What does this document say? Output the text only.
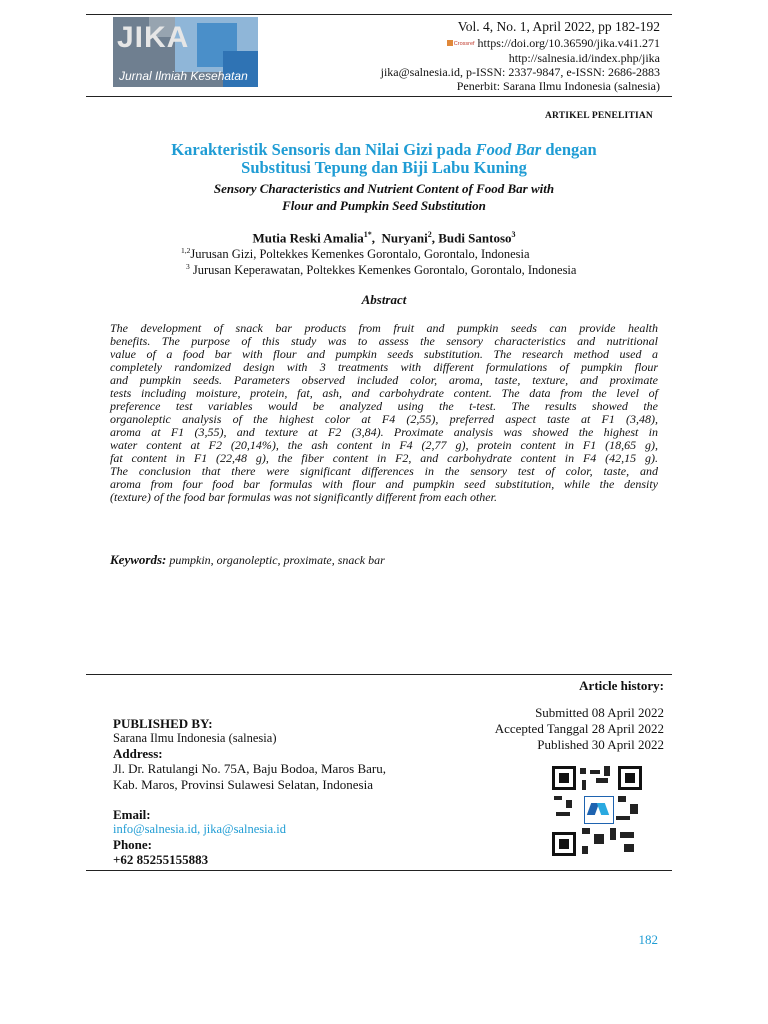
JIKA
Jurnal Ilmiah Kesehatan
Vol. 4, No. 1, April 2022, pp 182-192
Crossref https://doi.org/10.36590/jika.v4i1.271
http://salnesia.id/index.php/jika
jika@salnesia.id, p-ISSN: 2337-9847, e-ISSN: 2686-2883
Penerbit: Sarana Ilmu Indonesia (salnesia)
ARTIKEL PENELITIAN
Karakteristik Sensoris dan Nilai Gizi pada Food Bar dengan
Substitusi Tepung dan Biji Labu Kuning
Sensory Characteristics and Nutrient Content of Food Bar with
Flour and Pumpkin Seed Substitution
Mutia Reski Amalia$^{1*}$,  Nuryani$^2$, Budi Santoso$^3$
$^{1,2}$Jurusan Gizi, Poltekkes Kemenkes Gorontalo, Gorontalo, Indonesia
$^3$ Jurusan Keperawatan, Poltekkes Kemenkes Gorontalo, Gorontalo, Indonesia
Abstract
The development of snack bar products from fruit and pumpkin seeds can provide health
benefits. The purpose of this study was to assess the sensory characteristics and nutritional
value of a food bar with flour and pumpkin seeds substitution. The research method used a
completely randomized design with 3 treatments with different formulations of pumpkin flour
and pumpkin seeds. Parameters observed included color, aroma, taste, texture, and proximate
tests including moisture, protein, fat, ash, and carbohydrate content. The data from the level of
preference test variables would be analyzed using the t-test. The results showed the
organoleptic analysis of the highest color at F4 (2,55), preferred aspect taste at F1 (3,48),
aroma at F1 (3,55), and texture at F2 (3,84). Proximate analysis was showed the highest in
water content at F2 (20,14%), the ash content in F4 (2,77 g), protein content in F1 (18,65 g),
fat content in F1 (22,48 g), the fiber content in F2, and carbohydrate content in F4 (42,15 g).
The conclusion that there were significant differences in the sensory test of color, taste, and
aroma from four food bar formulas with flour and pumpkin seed substitution, while the density
(texture) of the food bar formulas was not significantly different from each other.
Keywords: pumpkin, organoleptic, proximate, snack bar
Article history:
Submitted 08 April 2022
Accepted Tanggal 28 April 2022
Published 30 April 2022
PUBLISHED BY:
Sarana Ilmu Indonesia (salnesia)
Address:
Jl. Dr. Ratulangi No. 75A, Baju Bodoa, Maros Baru,
Kab. Maros, Provinsi Sulawesi Selatan, Indonesia
Email:
info@salnesia.id, jika@salnesia.id
Phone:
+62 85255155883
182
